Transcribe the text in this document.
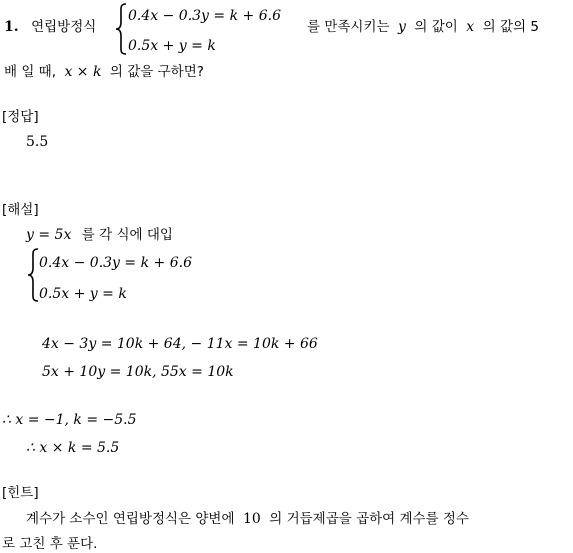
1. 연립방정식
0.4x − 0.3y = k + 6.6
0.5x + y = k
를 만족시키는 y 의 값이 x 의 값의 5
배 일 때, x × k 의 값을 구하면?
[정답]
5.5
[해설]
y = 5x 를 각 식에 대입
0.4x − 0.3y = k + 6.6
0.5x + y = k
4x − 3y = 10k + 64, − 11x = 10k + 66
5x + 10y = 10k, 55x = 10k
∴ x = −1, k = −5.5
∴ x × k = 5.5
[힌트]
계수가 소수인 연립방정식은 양변에 10 의 거듭제곱을 곱하여 계수를 정수
로 고친 후 푼다.
